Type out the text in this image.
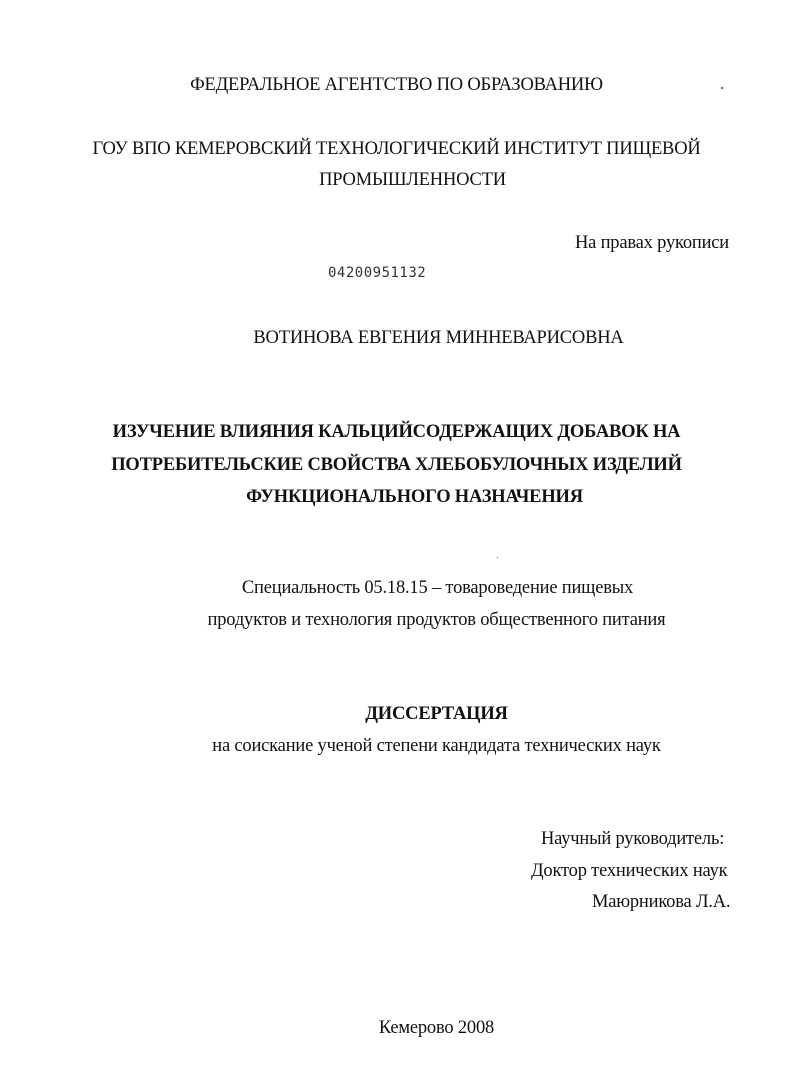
ФЕДЕРАЛЬНОЕ АГЕНТСТВО ПО ОБРАЗОВАНИЮ
ГОУ ВПО КЕМЕРОВСКИЙ ТЕХНОЛОГИЧЕСКИЙ ИНСТИТУТ ПИЩЕВОЙ
ПРОМЫШЛЕННОСТИ
На правах рукописи
04200951132
ВОТИНОВА ЕВГЕНИЯ МИННЕВАРИСОВНА
ИЗУЧЕНИЕ ВЛИЯНИЯ КАЛЬЦИЙСОДЕРЖАЩИХ ДОБАВОК НА
ПОТРЕБИТЕЛЬСКИЕ СВОЙСТВА ХЛЕБОБУЛОЧНЫХ ИЗДЕЛИЙ
ФУНКЦИОНАЛЬНОГО НАЗНАЧЕНИЯ
Специальность 05.18.15 – товароведение пищевых
продуктов и технология продуктов общественного питания
ДИССЕРТАЦИЯ
на соискание ученой степени кандидата технических наук
Научный руководитель:
Доктор технических наук
Маюрникова Л.А.
Кемерово 2008
